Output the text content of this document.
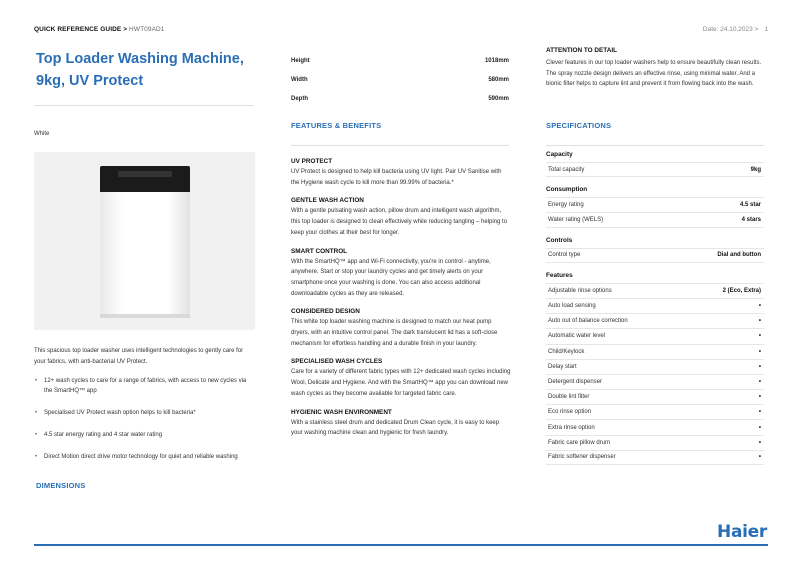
QUICK REFERENCE GUIDE > HWT09AD1	Date: 24.10.2023 > 1
Top Loader Washing Machine,
9kg, UV Protect
White
This spacious top loader washer uses intelligent technologies to gently care for your fabrics, with anti-bacterial UV Protect.
• 12+ wash cycles to care for a range of fabrics, with access to new cycles via the SmartHQ™ app
• Specialised UV Protect wash option helps to kill bacteria*
• 4.5 star energy rating and 4 star water rating
• Direct Motion direct drive motor technology for quiet and reliable washing
DIMENSIONS
Height	1018mm
Width	580mm
Depth	590mm
FEATURES & BENEFITS
UV PROTECT

UV Protect is designed to help kill bacteria using UV light. Pair UV Sanitise with the Hygiene wash cycle to kill more than 99.99% of bacteria.*

GENTLE WASH ACTION

With a gentle pulsating wash action, pillow drum and intelligent wash algorithm, this top loader is designed to clean effectively while reducing tangling – helping to keep your clothes at their best for longer.

SMART CONTROL

With the SmartHQ™ app and Wi-Fi connectivity, you're in control - anytime, anywhere. Start or stop your laundry cycles and get timely alerts on your smartphone once your washing is done. You can also access additional downloadable cycles as they are released.

CONSIDERED DESIGN

This white top loader washing machine is designed to match our heat pump dryers, with an intuitive control panel. The dark translucent lid has a soft-close mechanism for effortless handling and a durable finish in your laundry.

SPECIALISED WASH CYCLES

Care for a variety of different fabric types with 12+ dedicated wash cycles including Wool, Delicate and Hygiene. And with the SmartHQ™ app you can download new wash cycles as they become available for targeted fabric care.

HYGIENIC WASH ENVIRONMENT

With a stainless steel drum and dedicated Drum Clean cycle, it is easy to keep your washing machine clean and hygienic for fresh laundry.

ATTENTION TO DETAIL

Clever features in our top loader washers help to ensure beautifully clean results. The spray nozzle design delivers an effective rinse, using minimal water. And a bionic filter helps to capture lint and prevent it from flowing back into the wash.

SPECIFICATIONS
Capacity
Total capacity	9kg
Consumption
Energy rating	4.5 star
Water rating (WELS)	4 stars
Controls
Control type	Dial and button
Features
Adjustable rinse options	2 (Eco, Extra)
Auto load sensing	•
Auto out of balance correction	•
Automatic water level	•
Child/Keylock	•
Delay start	•
Detergent dispenser	•
Double lint filter	•
Eco rinse option	•
Extra rinse option	•
Fabric care pillow drum	•
Fabric softener dispenser	•
Haier
